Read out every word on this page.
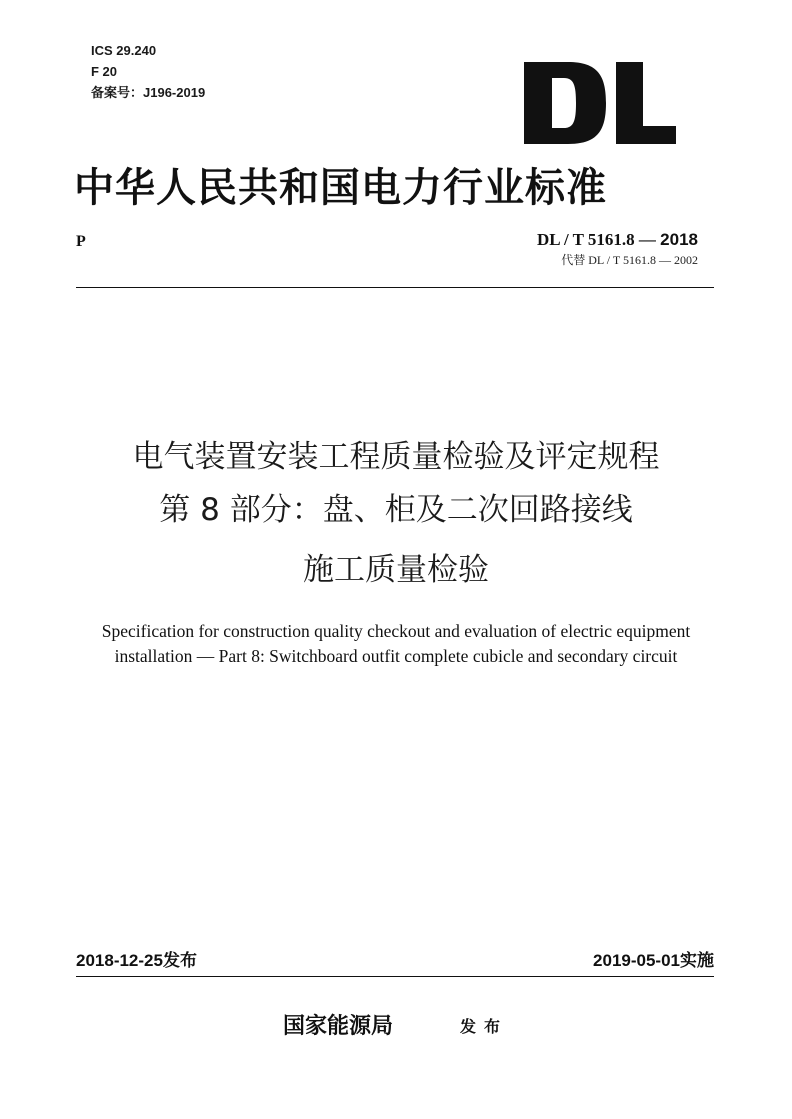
ICS 29.240
F 20
备案号：J196-2019
中华人民共和国电力行业标准
P	DL / T 5161.8 — 2018
代替 DL / T 5161.8 — 2002
电气装置安装工程质量检验及评定规程
第 8 部分：盘、柜及二次回路接线
施工质量检验
Specification for construction quality checkout and evaluation of electric equipment
installation — Part 8: Switchboard outfit complete cubicle and secondary circuit
2018-12-25发布	2019-05-01实施
国家能源局	发布
